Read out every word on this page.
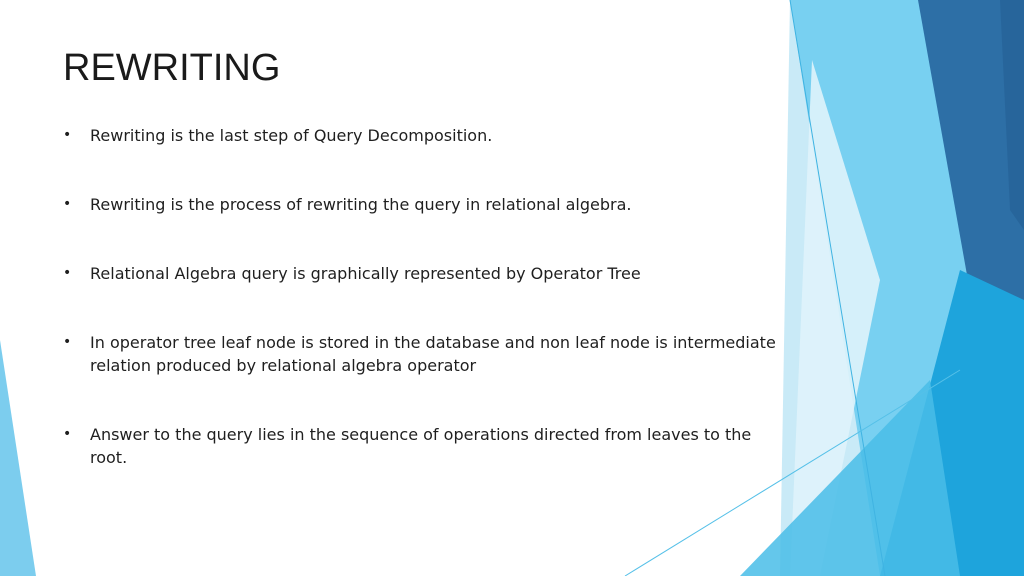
REWRITING
• Rewriting is the last step of Query Decomposition.
• Rewriting is the process of rewriting the query in relational algebra.
• Relational Algebra query is graphically represented by Operator Tree
• In operator tree leaf node is stored in the database and non leaf node is intermediate relation produced by relational algebra operator
• Answer to the query lies in the sequence of operations directed from leaves to the root.
